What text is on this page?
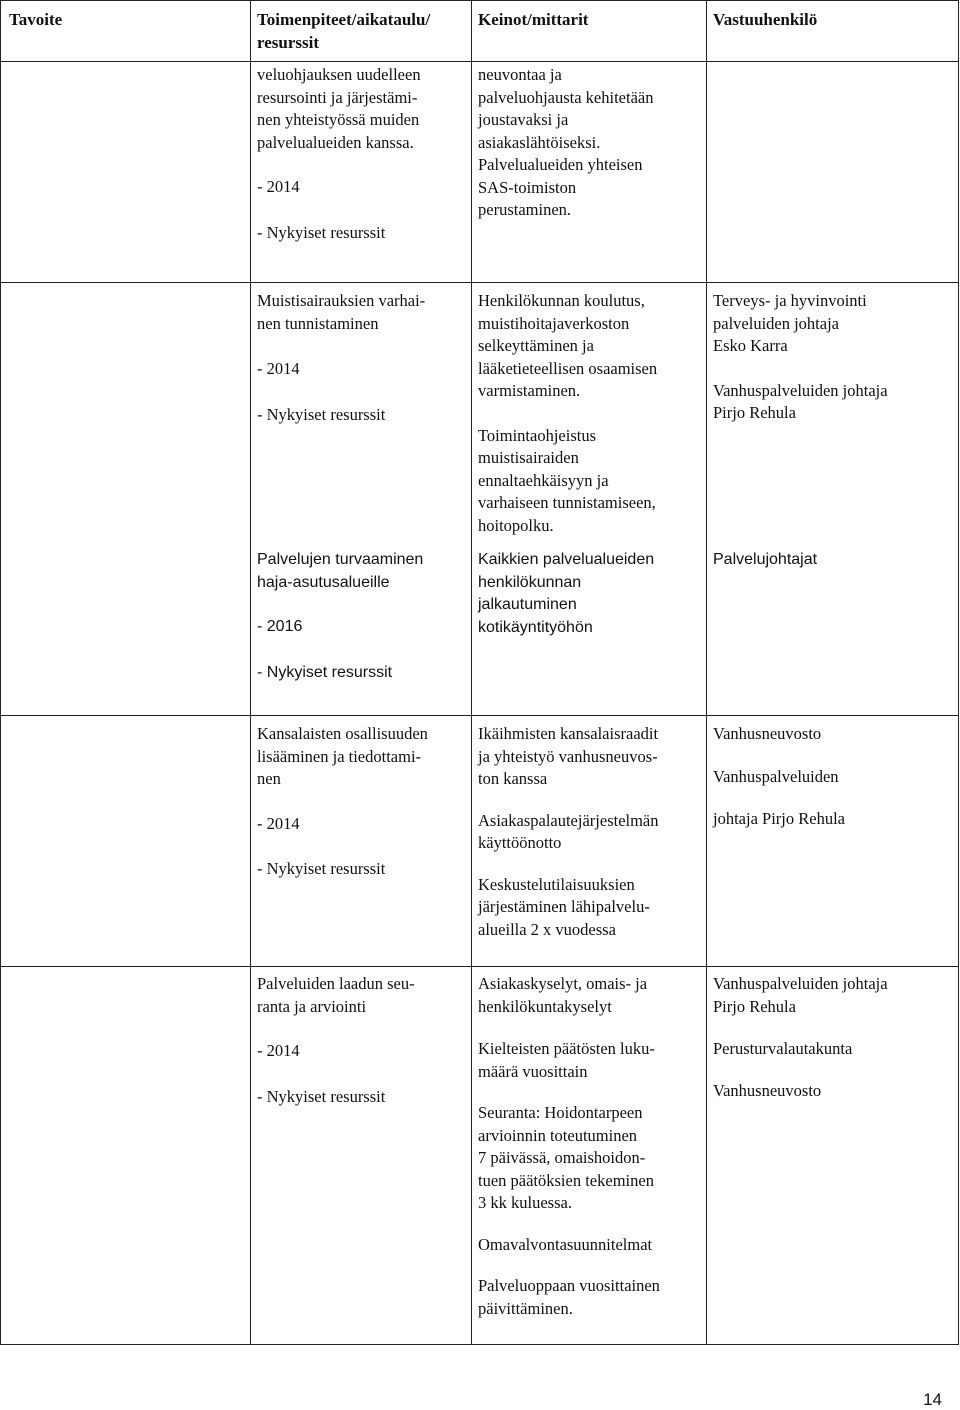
Tavoite	Toimenpiteet/aikataulu/ resurssit

Keinot/mittarit	Vastuuhenkilö

veluohjauksen uudelleen

resursointi ja järjestämi-

nen yhteistyössä muiden

palvelualueiden kanssa.

- 2014

- Nykyiset resurssit

neuvontaa ja

palveluohjausta kehitetään

joustavaksi ja

asiakaslähtöiseksi.

Palvelualueiden yhteisen

SAS-toimiston

perustaminen.

Muistisairauksien varhai-

nen tunnistaminen

- 2014

- Nykyiset resurssit

Henkilökunnan koulutus,

muistihoitajaverkoston

selkeyttäminen ja

lääketieteellisen osaamisen

varmistaminen.

Toimintaohjeistus

muistisairaiden

ennaltaehkäisyyn ja

varhaiseen tunnistamiseen,

hoitopolku.

Terveys- ja hyvinvointi

palveluiden johtaja

Esko Karra

Vanhuspalveluiden johtaja

Pirjo Rehula

Palvelujen turvaaminen

haja-asutusalueille

- 2016

- Nykyiset resurssit

Kaikkien palvelualueiden

henkilökunnan

jalkautuminen

kotikäyntityöhön

Palvelujohtajat

Kansalaisten osallisuuden

lisääminen ja tiedottami-

nen

- 2014

- Nykyiset resurssit

Ikäihmisten kansalaisraadit

ja yhteistyö vanhusneuvos-

ton kanssa

Asiakaspalautejärjestelmän

käyttöönotto

Keskustelutilaisuuksien

järjestäminen lähipalvelu-

alueilla 2 x vuodessa

Vanhusneuvosto

Vanhuspalveluiden

johtaja Pirjo Rehula

Palveluiden laadun seu-

ranta ja arviointi

- 2014

- Nykyiset resurssit

Asiakaskyselyt, omais- ja

henkilökuntakyselyt

Kielteisten päätösten luku-

määrä vuosittain

Seuranta: Hoidontarpeen

arvioinnin toteutuminen

7 päivässä, omaishoidon-

tuen päätöksien tekeminen

3 kk kuluessa.

Omavalvontasuunnitelmat

Palveluoppaan vuosittainen

päivittäminen.

Vanhuspalveluiden johtaja

Pirjo Rehula

Perusturvalautakunta

Vanhusneuvosto

14
